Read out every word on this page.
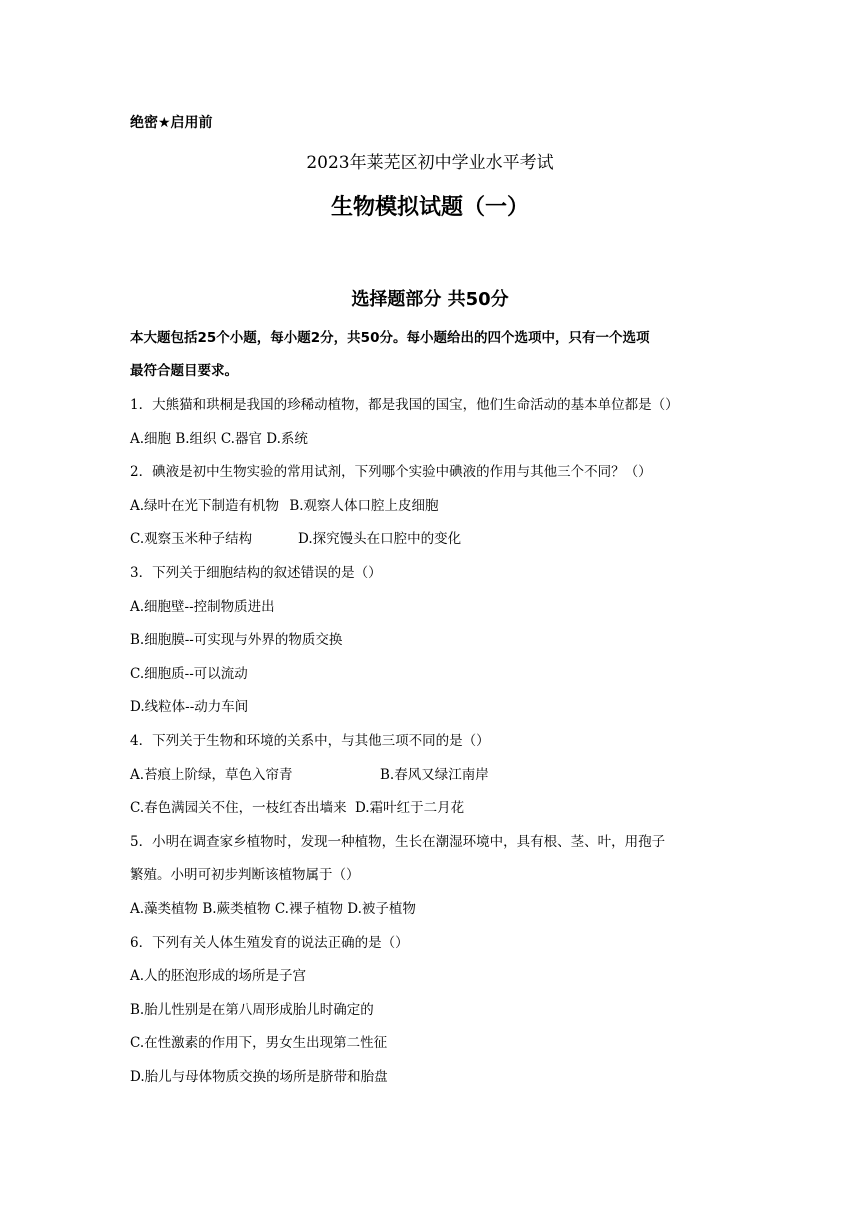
绝密★启用前
2023年莱芜区初中学业水平考试
生物模拟试题（一）
选择题部分 共50分
本大题包括25个小题，每小题2分，共50分。每小题给出的四个选项中，只有一个选项
最符合题目要求。
1．大熊猫和珙桐是我国的珍稀动植物，都是我国的国宝，他们生命活动的基本单位都是（）
A.细胞 B.组织 C.器官 D.系统
2．碘液是初中生物实验的常用试剂，下列哪个实验中碘液的作用与其他三个不同？（）
A.绿叶在光下制造有机物 B.观察人体口腔上皮细胞
C.观察玉米种子结构	D.探究馒头在口腔中的变化
3．下列关于细胞结构的叙述错误的是（）
A.细胞壁--控制物质进出
B.细胞膜--可实现与外界的物质交换
C.细胞质--可以流动
D.线粒体--动力车间
4．下列关于生物和环境的关系中，与其他三项不同的是（）
A.苔痕上阶绿，草色入帘青	B.春风又绿江南岸
C.春色满园关不住，一枝红杏出墙来 D.霜叶红于二月花
5．小明在调查家乡植物时，发现一种植物，生长在潮湿环境中，具有根、茎、叶，用孢子
繁殖。小明可初步判断该植物属于（）
A.藻类植物 B.蕨类植物 C.裸子植物 D.被子植物
6．下列有关人体生殖发育的说法正确的是（）
A.人的胚泡形成的场所是子宫
B.胎儿性别是在第八周形成胎儿时确定的
C.在性激素的作用下，男女生出现第二性征
D.胎儿与母体物质交换的场所是脐带和胎盘
